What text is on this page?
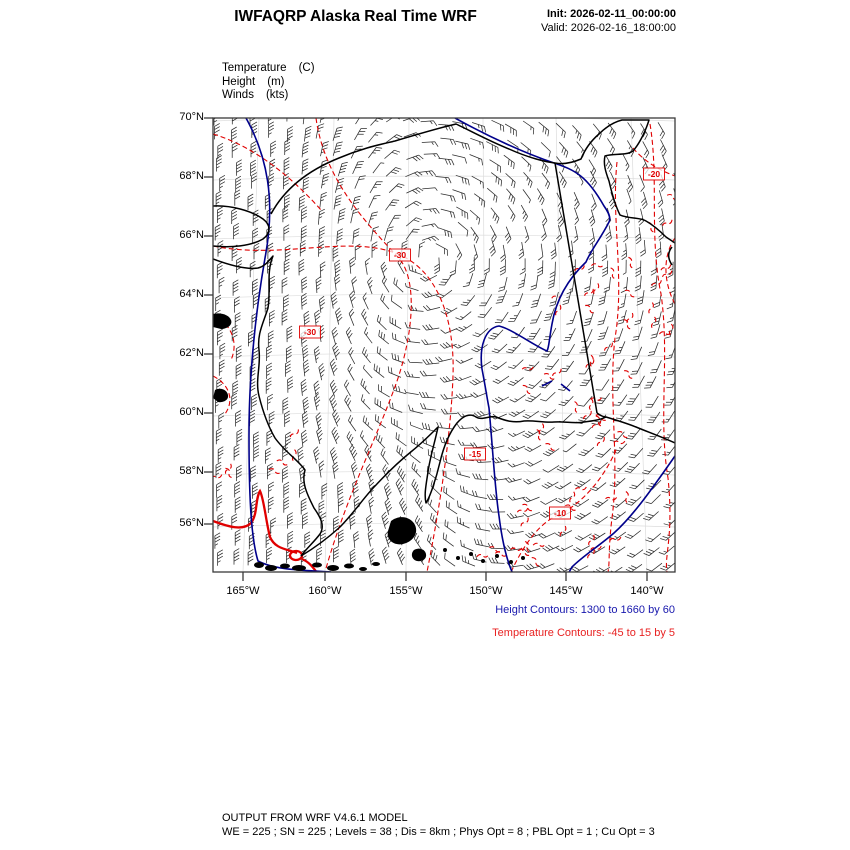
IWFAQRP Alaska Real Time WRF	Init: 2026-02-11_00:00:00
Valid: 2026-02-16_18:00:00
Temperature (C)
Height (m)
Winds (kts)
-30
-20
-30
-10
-15
70°N
68°N
66°N
64°N
62°N
60°N
58°N
56°N
165°W	160°W	155°W	150°W	145°W	140°W
Height Contours: 1300 to 1660 by 60
Temperature Contours: -45 to 15 by 5
OUTPUT FROM WRF V4.6.1 MODEL
WE = 225 ; SN = 225 ; Levels = 38 ; Dis = 8km ; Phys Opt = 8 ; PBL Opt = 1 ; Cu Opt = 3
